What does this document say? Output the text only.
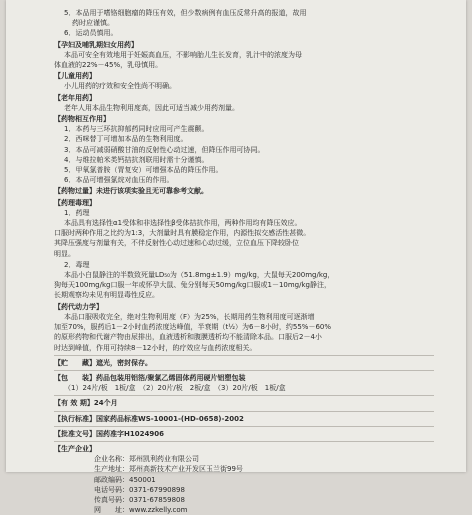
5．本品用于嗜铬细胞瘤的降压有效，但少数病例有血压反常升高的报道，故用
药时应谨慎。
6．运动员慎用。
【孕妇及哺乳期妇女用药】
本品可安全有效地用于妊娠高血压，不影响胎儿生长发育，乳汁中的浓度为母
体血液的22%－45%，乳母慎用。
【儿童用药】
小儿用药的疗效和安全性尚不明确。
【老年用药】
老年人用本品生物利用度高，因此可适当减少用药剂量。
【药物相互作用】
1．本药与三环抗抑郁药同时应用可产生震颤。
2．西咪替丁可增加本品的生物利用度。
3．本品可减弱硝酸甘油的反射性心动过速，但降压作用可协同。
4．与维拉帕米类钙拮抗剂联用时需十分谨慎。
5．甲氧氯普胺（胃复安）可增强本品的降压作用。
6．本品可增强氯烷对血压的作用。
【药物过量】未进行该项实验且无可靠参考文献。
【药理毒理】
1．药理
本品具有选择性α1受体和非选择性β受体拮抗作用，两种作用均有降压效应。
口服时两种作用之比约为1:3，大剂量时具有膜稳定作用，内源性拟交感活性甚微。
其降压强度与剂量有关，不伴反射性心动过速和心动过缓，立位血压下降较卧位
明显。
2．毒理
本品小白鼠静注的半数致死量LD₅₀为（51.8mg±1.9）mg/kg，大鼠每天200mg/kg，
狗每天100mg/kg口服一年或怀孕大鼠、兔分别每天50mg/kg口服或1－10mg/kg静注，
长期观察均未见有明显毒性反应。
【药代动力学】
本品口服吸收完全，绝对生物利用度（F）为25%，长期用药生物利用度可逐渐增
加至70%，服药后1－2小时血药浓度达峰值，半衰期（t½）为6－8小时，约55%－60%
的原形药物和代谢产物由尿排出，血液透析和腹膜透析均不能清除本品。口服后2－4小
时达到峰值，作用可持续8－12小时，的疗效应与血药浓度相关。
【贮　　藏】遮光，密封保存。
【包　　装】药品包装用铝箔/聚氯乙烯固体药用硬片铝塑包装
（1）24片/板　1板/盒　（2）20片/板　2板/盒　（3）20片/板　1板/盒
【有 效 期】24个月
【执行标准】国家药品标准WS-10001-(HD-0658)-2002
【批准文号】国药准字H1024906
【生产企业】
企业名称：郑州凯利药业有限公司
生产地址：郑州高新技术产业开发区玉兰街99号
邮政编码：450001
电话号码：0371-67990898
传真号码：0371-67859808
网　　址：www.zzkelly.com
